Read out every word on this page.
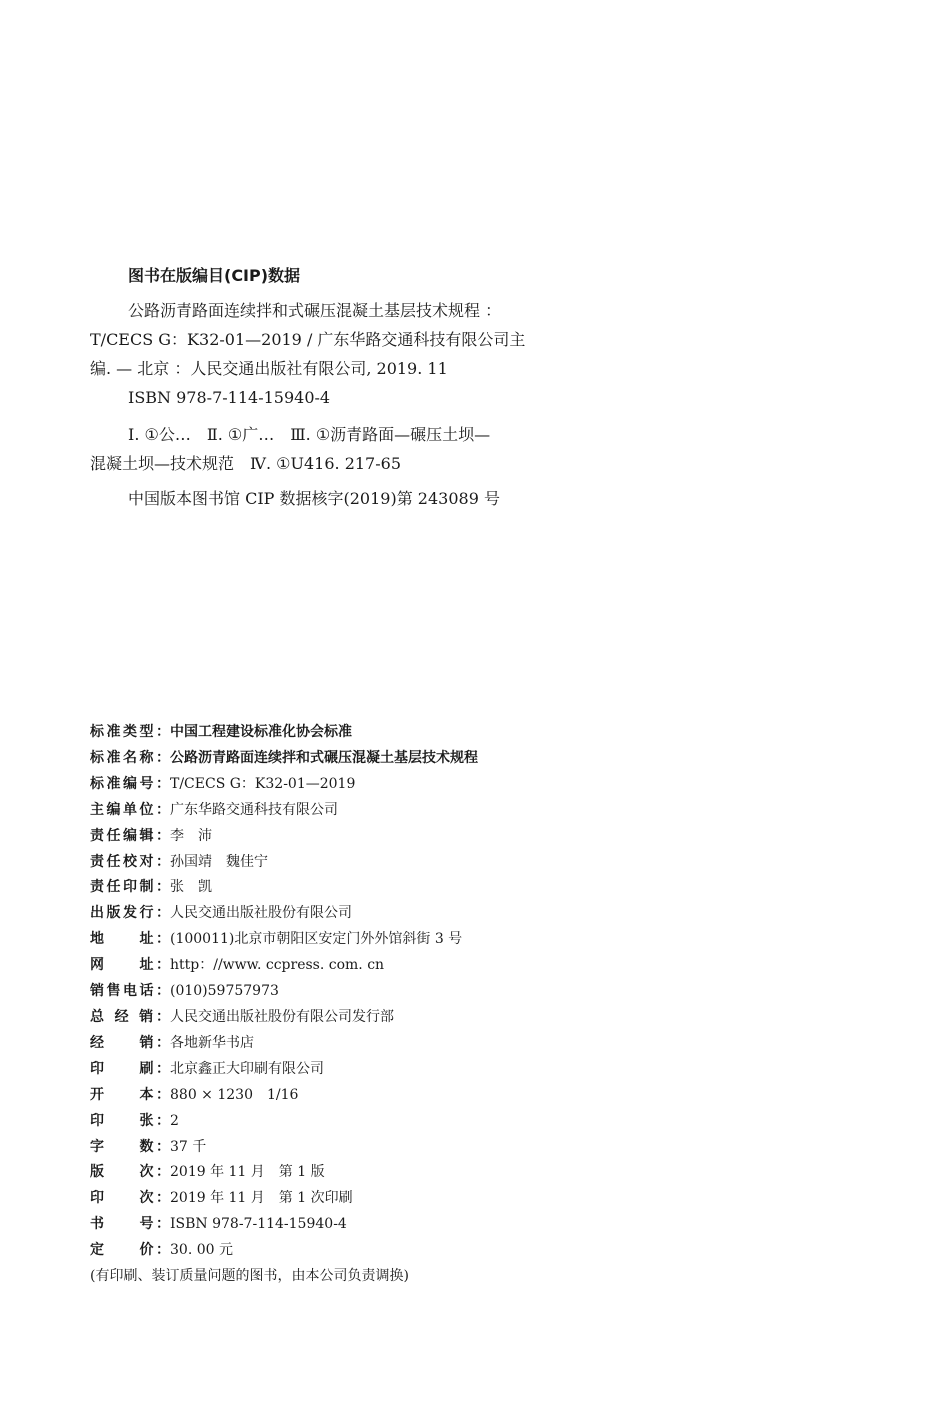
图书在版编目(CIP)数据
公路沥青路面连续拌和式碾压混凝土基层技术规程 ：
T/CECS G：K32-01—2019 / 广东华路交通科技有限公司主
编. — 北京 ：人民交通出版社有限公司, 2019. 11
ISBN 978-7-114-15940-4
Ⅰ. ①公…　Ⅱ. ①广…　Ⅲ. ①沥青路面—碾压土坝—
混凝土坝—技术规范　Ⅳ. ①U416. 217-65
中国版本图书馆 CIP 数据核字(2019)第 243089 号
标准类型：中国工程建设标准化协会标准
标准名称：公路沥青路面连续拌和式碾压混凝土基层技术规程
标准编号：T/CECS G：K32-01—2019
主编单位：广东华路交通科技有限公司
责任编辑：李　沛
责任校对：孙国靖　魏佳宁
责任印制：张　凯
出版发行：人民交通出版社股份有限公司
地　　址：(100011)北京市朝阳区安定门外外馆斜街 3 号
网　　址：http：//www. ccpress. com. cn
销售电话：(010)59757973
总 经 销：人民交通出版社股份有限公司发行部
经　　销：各地新华书店
印　　刷：北京鑫正大印刷有限公司
开　　本：880 × 1230　1/16
印　　张：2
字　　数：37 千
版　　次：2019 年 11 月　第 1 版
印　　次：2019 年 11 月　第 1 次印刷
书　　号：ISBN 978-7-114-15940-4
定　　价：30. 00 元
(有印刷、装订质量问题的图书，由本公司负责调换)
